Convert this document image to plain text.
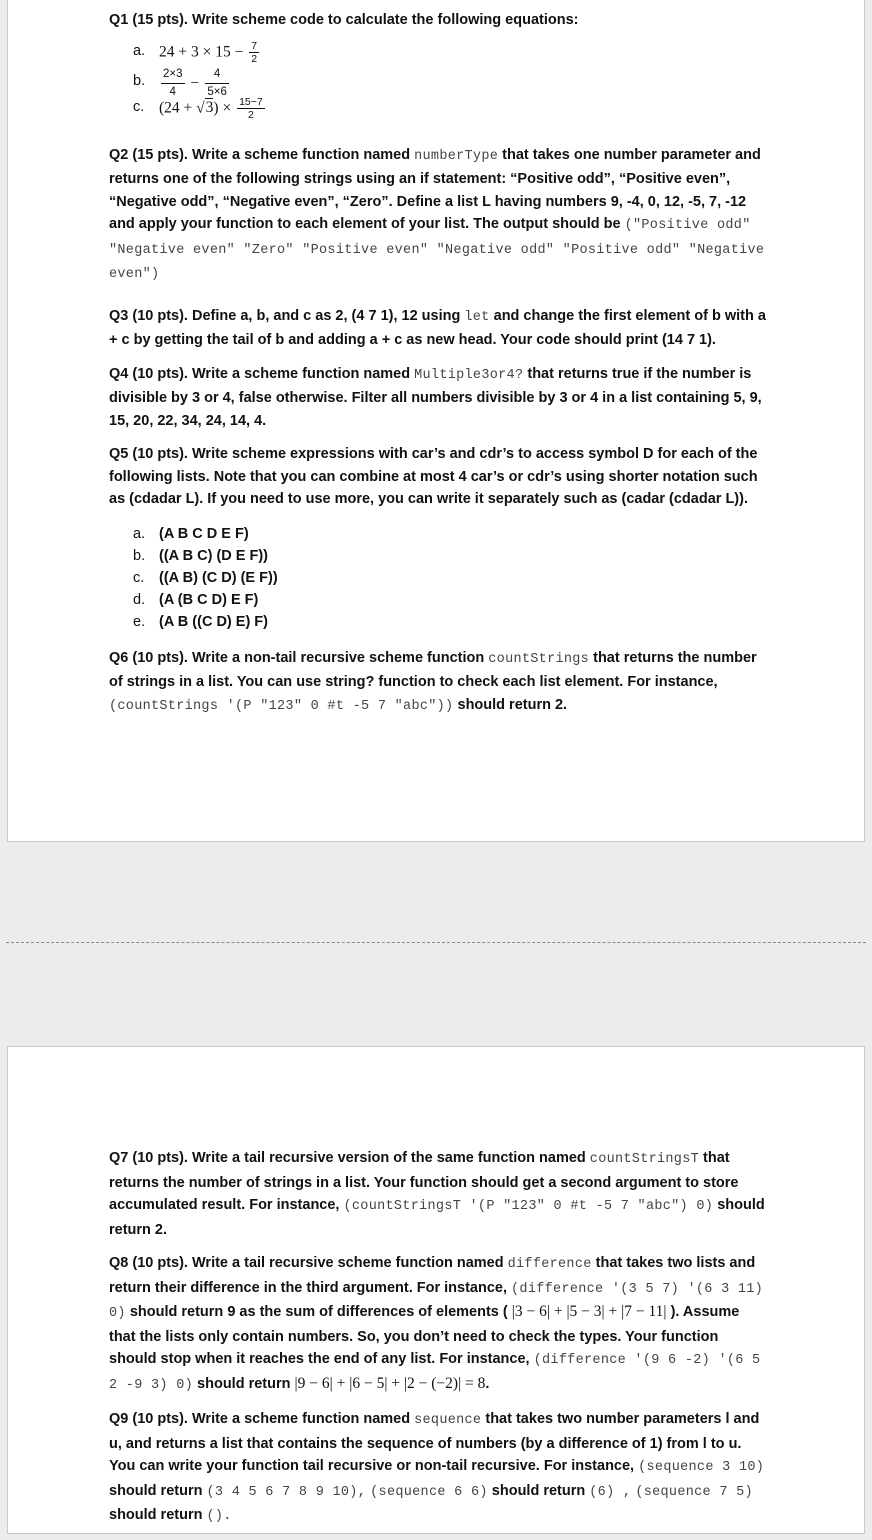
Q1 (15 pts). Write scheme code to calculate the following equations:
a. $24 + 3 \times 15 - \frac{7}{2}$
b. $\frac{2\times 3}{4} - \frac{4}{5\times 6}$
c. $(24 + √3) \times \frac{15-7}{2}$
Q2 (15 pts). Write a scheme function named numberType that takes one number parameter and returns one of the following strings using an if statement: “Positive odd”, “Positive even”, “Negative odd”, “Negative even”, “Zero”. Define a list L having numbers 9, -4, 0, 12, -5, 7, -12 and apply your function to each element of your list. The output should be ("Positive odd" "Negative even" "Zero" "Positive even" "Negative odd" "Positive odd" "Negative even")
Q3 (10 pts). Define a, b, and c as 2, (4 7 1), 12 using let and change the first element of b with a + c by getting the tail of b and adding a + c as new head. Your code should print (14 7 1).
Q4 (10 pts). Write a scheme function named Multiple3or4? that returns true if the number is divisible by 3 or 4, false otherwise. Filter all numbers divisible by 3 or 4 in a list containing 5, 9, 15, 20, 22, 34, 24, 14, 4.
Q5 (10 pts). Write scheme expressions with car’s and cdr’s to access symbol D for each of the following lists. Note that you can combine at most 4 car’s or cdr’s using shorter notation such as (cdadar L). If you need to use more, you can write it separately such as (cadar (cdadar L)).
a. (A B C D E F)
b. ((A B C) (D E F))
c. ((A B) (C D) (E F))
d. (A (B C D) E F)
e. (A B ((C D) E) F)
Q6 (10 pts). Write a non-tail recursive scheme function countStrings that returns the number of strings in a list. You can use string? function to check each list element. For instance, (countStrings '(P "123" 0 #t -5 7 "abc")) should return 2.
Q7 (10 pts). Write a tail recursive version of the same function named countStringsT that returns the number of strings in a list. Your function should get a second argument to store accumulated result. For instance, (countStringsT '(P "123" 0 #t -5 7 "abc") 0) should return 2.
Q8 (10 pts). Write a tail recursive scheme function named difference that takes two lists and return their difference in the third argument. For instance, (difference '(3 5 7) '(6 3 11) 0) should return 9 as the sum of differences of elements ( |3 − 6| + |5 − 3| + |7 − 11| ). Assume that the lists only contain numbers. So, you don’t need to check the types. Your function should stop when it reaches the end of any list. For instance, (difference '(9 6 -2) '(6 5 2 -9 3) 0) should return |9 − 6| + |6 − 5| + |2 − (−2)| = 8.
Q9 (10 pts). Write a scheme function named sequence that takes two number parameters l and u, and returns a list that contains the sequence of numbers (by a difference of 1) from l to u. You can write your function tail recursive or non-tail recursive. For instance, (sequence 3 10) should return (3 4 5 6 7 8 9 10), (sequence 6 6) should return (6) , (sequence 7 5) should return ().
